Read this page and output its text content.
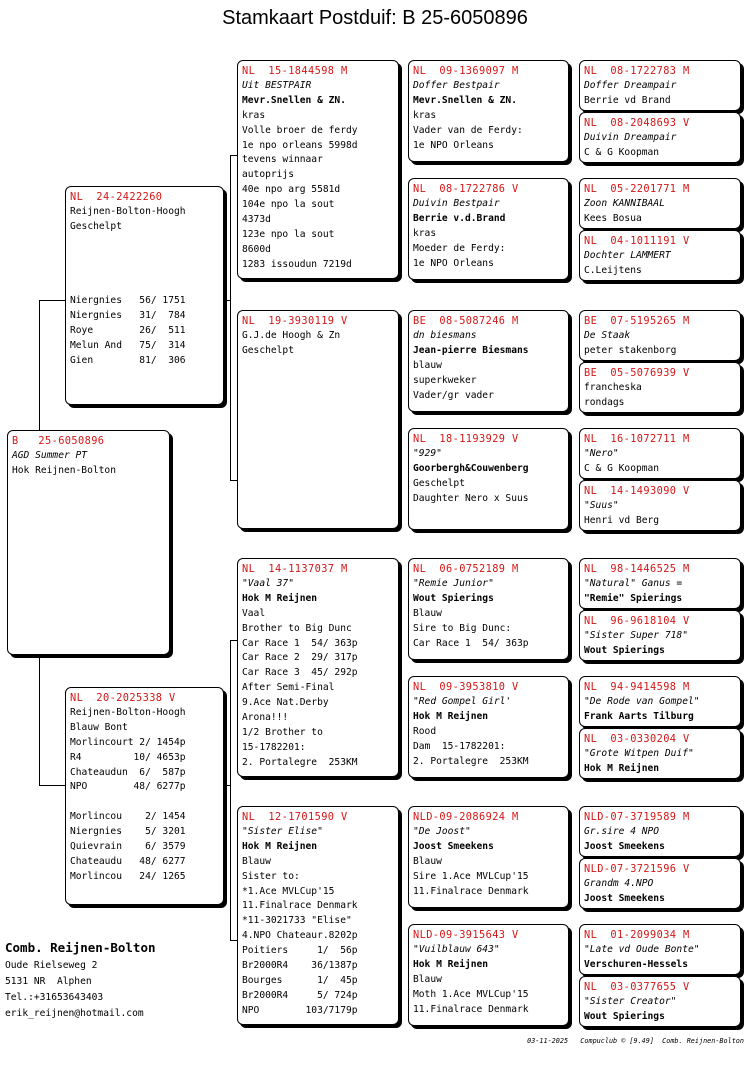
Stamkaart Postduif: B 25-6050896
B   25-6050896
AGD Summer PT
Hok Reijnen-Bolton
NL  24-2422260
Reijnen-Bolton-Hoogh
Geschelpt

Niergnies   56/ 1751
Niergnies   31/  784
Roye        26/  511
Melun And   75/  314
Gien        81/  306
NL  20-2025338 V
Reijnen-Bolton-Hoogh
Blauw Bont
Morlincourt 2/ 1454p
R4         10/ 4653p
Chateaudun  6/  587p
NPO        48/ 6277p

Morlincou    2/ 1454
Niergnies    5/ 3201
Quievrain    6/ 3579
Chateaudu   48/ 6277
Morlincou   24/ 1265
NL  15-1844598 M
Uit BESTPAIR
Mevr.Snellen & ZN.
kras
Volle broer de ferdy
1e npo orleans 5998d
tevens winnaar
autoprijs
40e npo arg 5581d
104e npo la sout
4373d
123e npo la sout
8600d
1283 issoudun 7219d
NL  19-3930119 V
G.J.de Hoogh & Zn
Geschelpt
NL  14-1137037 M
"Vaal 37"
Hok M Reijnen
Vaal
Brother to Big Dunc
Car Race 1  54/ 363p
Car Race 2  29/ 317p
Car Race 3  45/ 292p
After Semi-Final
9.Ace Nat.Derby
Arona!!!
1/2 Brother to
15-1782201:
2. Portalegre  253KM
NL  12-1701590 V
"Sister Elise"
Hok M Reijnen
Blauw
Sister to:
*1.Ace MVLCup'15
11.Finalrace Denmark
*11-3021733 "Elise"
4.NPO Chateaur.8202p
Poitiers     1/  56p
Br2000R4    36/1387p
Bourges      1/  45p
Br2000R4     5/ 724p
NPO        103/7179p
NL  09-1369097 M
Doffer Bestpair
Mevr.Snellen & ZN.
kras
Vader van de Ferdy:
1e NPO Orleans
NL  08-1722786 V
Duivin Bestpair
Berrie v.d.Brand
kras
Moeder de Ferdy:
1e NPO Orleans
BE  08-5087246 M
dn biesmans
Jean-pierre Biesmans
blauw
superkweker
Vader/gr vader
NL  18-1193929 V
"929"
Goorbergh&Couwenberg
Geschelpt
Daughter Nero x Suus
NL  06-0752189 M
"Remie Junior"
Wout Spierings
Blauw
Sire to Big Dunc:
Car Race 1  54/ 363p
NL  09-3953810 V
"Red Gompel Girl'
Hok M Reijnen
Rood
Dam  15-1782201:
2. Portalegre  253KM
NLD-09-2086924 M
"De Joost"
Joost Smeekens
Blauw
Sire 1.Ace MVLCup'15
11.Finalrace Denmark
NLD-09-3915643 V
"Vuilblauw 643"
Hok M Reijnen
Blauw
Moth 1.Ace MVLCup'15
11.Finalrace Denmark
NL  08-1722783 M
Doffer Dreampair
Berrie vd Brand
NL  08-2048693 V
Duivin Dreampair
C & G Koopman
NL  05-2201771 M
Zoon KANNIBAAL
Kees Bosua
NL  04-1011191 V
Dochter LAMMERT
C.Leijtens
BE  07-5195265 M
De Staak
peter stakenborg
BE  05-5076939 V
francheska
rondags
NL  16-1072711 M
"Nero"
C & G Koopman
NL  14-1493090 V
"Suus"
Henri vd Berg
NL  98-1446525 M
"Natural" Ganus =
"Remie" Spierings
NL  96-9618104 V
"Sister Super 718"
Wout Spierings
NL  94-9414598 M
"De Rode van Gompel"
Frank Aarts Tilburg
NL  03-0330204 V
"Grote Witpen Duif"
Hok M Reijnen
NLD-07-3719589 M
Gr.sire 4 NPO
Joost Smeekens
NLD-07-3721596 V
Grandm 4.NPO
Joost Smeekens
NL  01-2099034 M
"Late vd Oude Bonte"
Verschuren-Hessels
NL  03-0377655 V
"Sister Creator"
Wout Spierings
Comb. Reijnen-Bolton
Oude Rielseweg 2
5131 NR  Alphen
Tel.:+31653643403
erik_reijnen@hotmail.com
03-11-2025   Compuclub © [9.49]  Comb. Reijnen-Bolton
